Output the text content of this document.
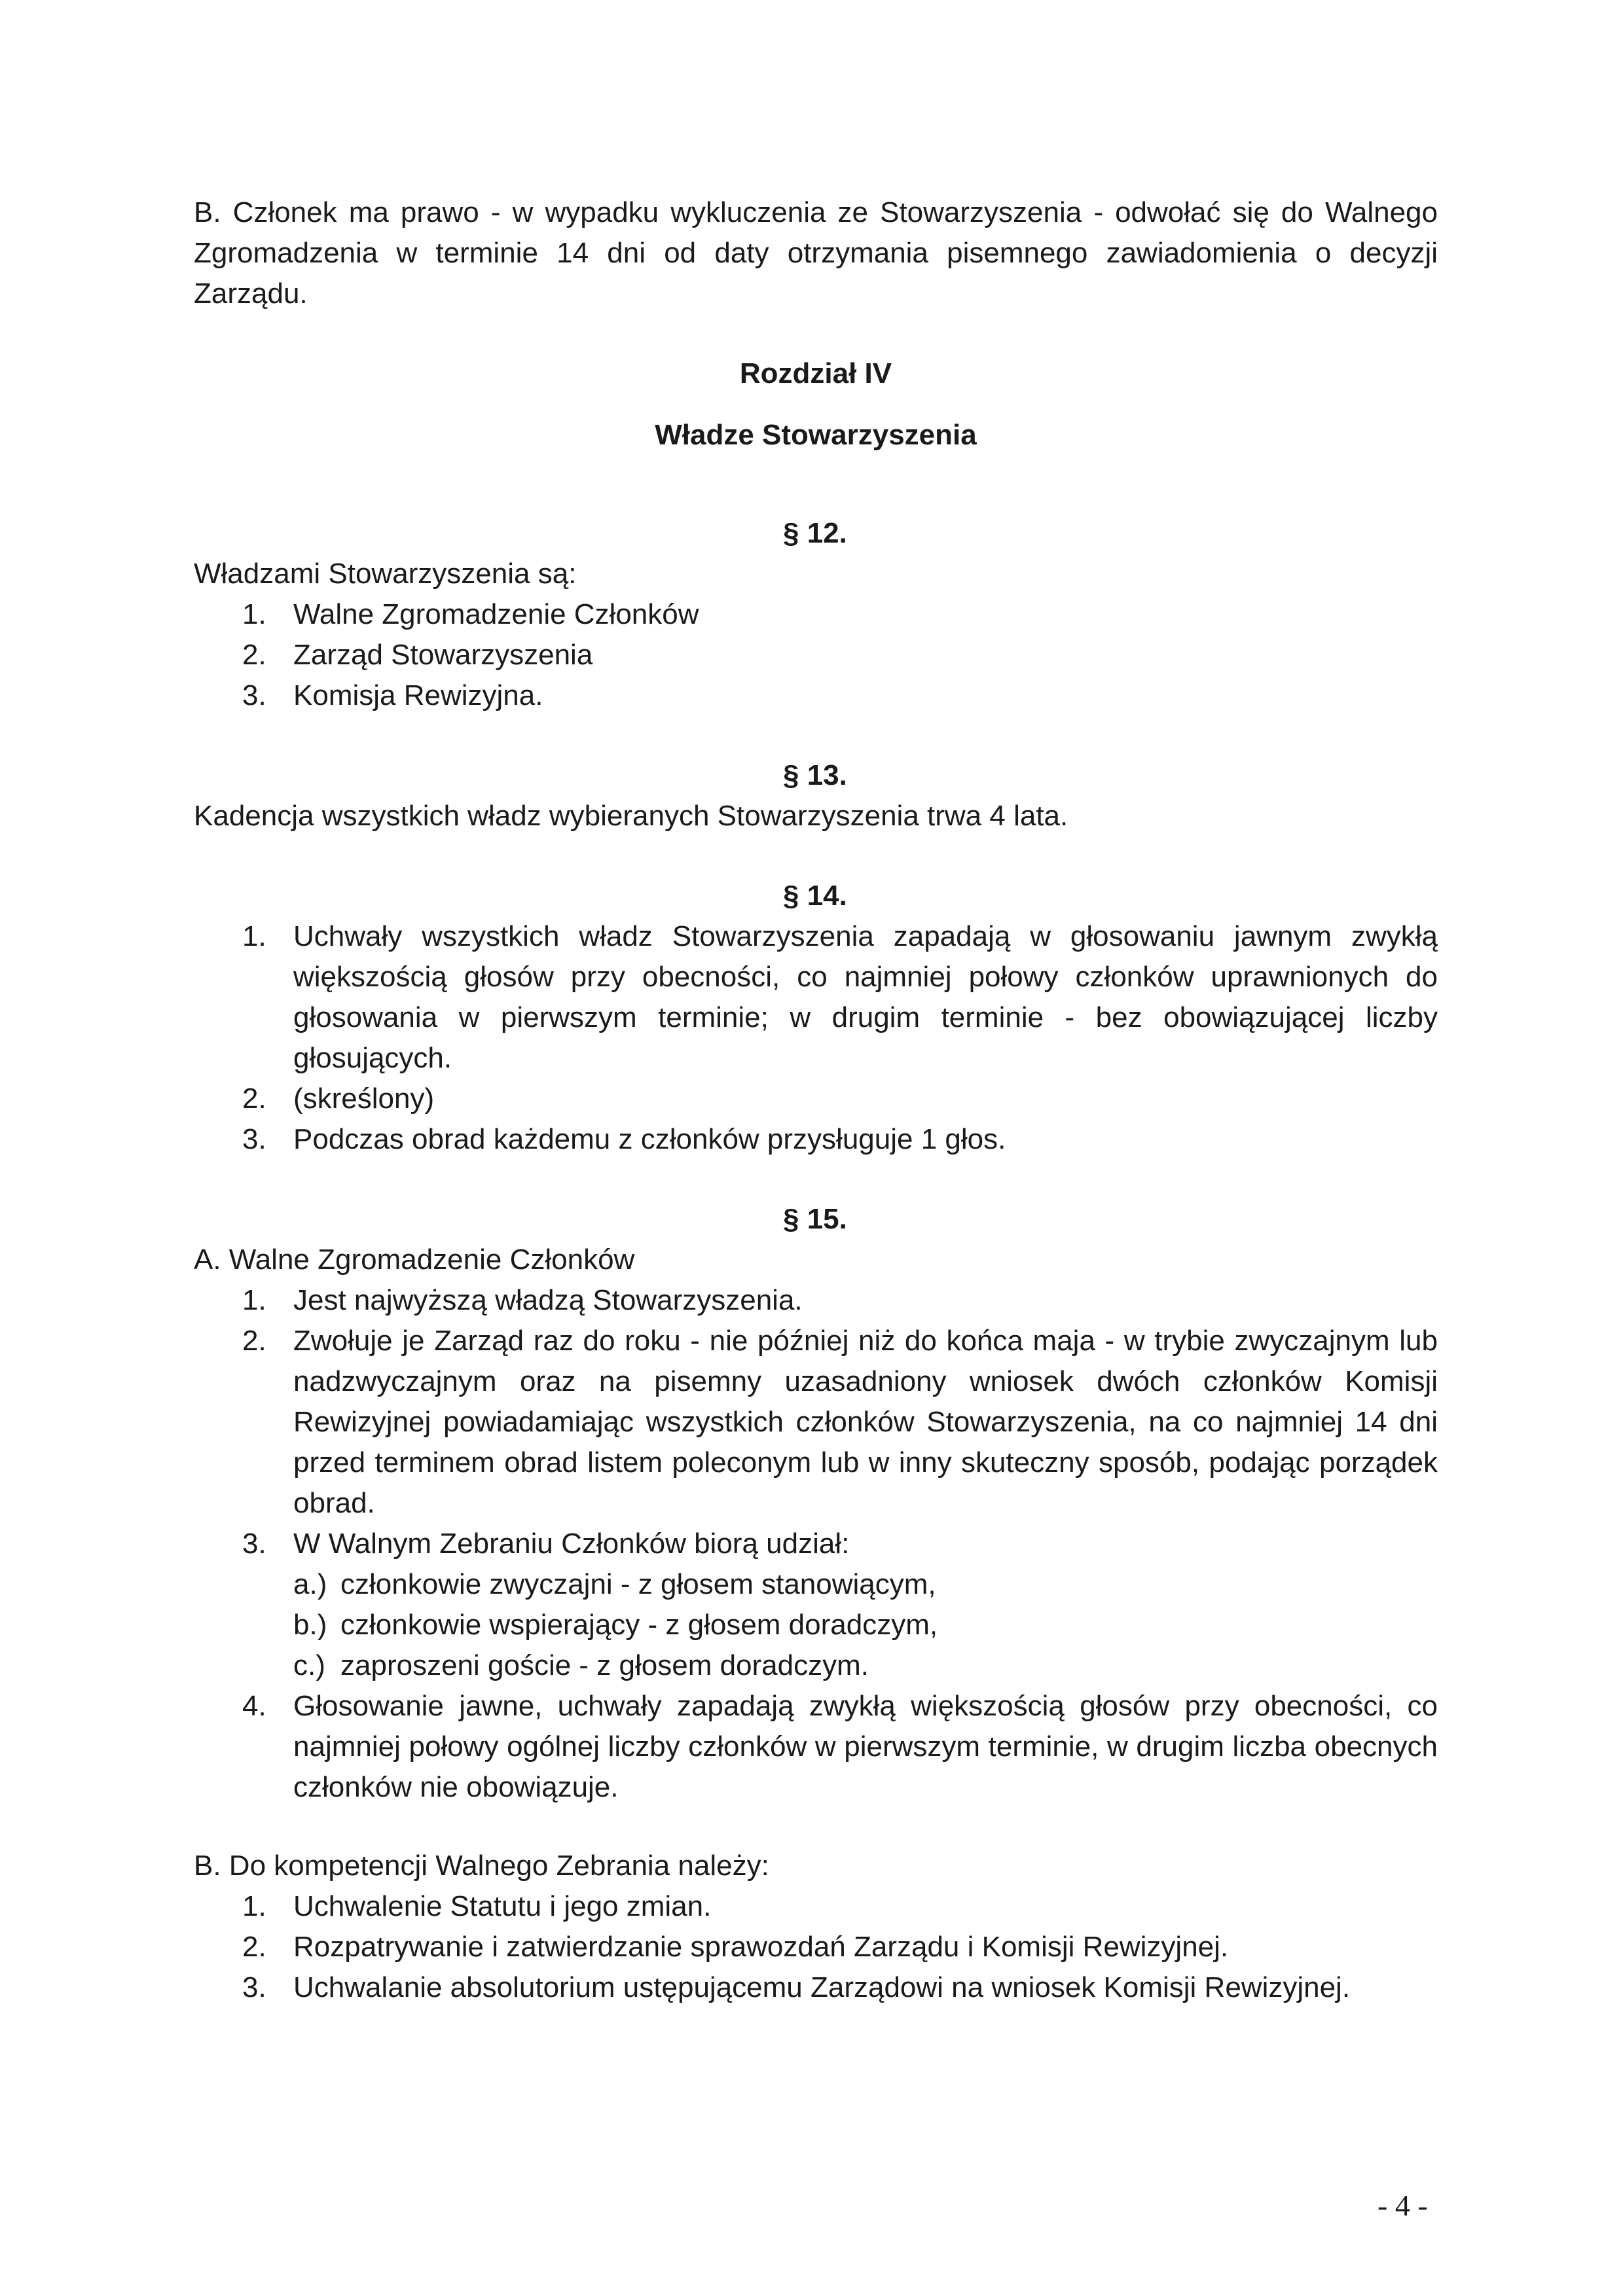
B. Członek ma prawo - w wypadku wykluczenia ze Stowarzyszenia - odwołać się do Walnego Zgromadzenia w terminie 14 dni od daty otrzymania pisemnego zawiadomienia o decyzji Zarządu.
Rozdział IV
Władze Stowarzyszenia
§ 12.
Władzami Stowarzyszenia są:
1. Walne Zgromadzenie Członków
2. Zarząd Stowarzyszenia
3. Komisja Rewizyjna.
§ 13.
Kadencja wszystkich władz wybieranych Stowarzyszenia trwa 4 lata.
§ 14.
1. Uchwały wszystkich władz Stowarzyszenia zapadają w głosowaniu jawnym zwykłą większością głosów przy obecności, co najmniej połowy członków uprawnionych do głosowania w pierwszym terminie; w drugim terminie - bez obowiązującej liczby głosujących.
2. (skreślony)
3. Podczas obrad każdemu z członków przysługuje 1 głos.
§ 15.
A. Walne Zgromadzenie Członków
1. Jest najwyższą władzą Stowarzyszenia.
2. Zwołuje je Zarząd raz do roku - nie później niż do końca maja - w trybie zwyczajnym lub nadzwyczajnym oraz na pisemny uzasadniony wniosek dwóch członków Komisji Rewizyjnej powiadamiając wszystkich członków Stowarzyszenia, na co najmniej 14 dni przed terminem obrad listem poleconym lub w inny skuteczny sposób, podając porządek obrad.
3. W Walnym Zebraniu Członków biorą udział:
a.) członkowie zwyczajni - z głosem stanowiącym,
b.) członkowie wspierający - z głosem doradczym,
c.) zaproszeni goście - z głosem doradczym.
4. Głosowanie jawne, uchwały zapadają zwykłą większością głosów przy obecności, co najmniej połowy ogólnej liczby członków w pierwszym terminie, w drugim liczba obecnych członków nie obowiązuje.
B. Do kompetencji Walnego Zebrania należy:
1. Uchwalenie Statutu i jego zmian.
2. Rozpatrywanie i zatwierdzanie sprawozdań Zarządu i Komisji Rewizyjnej.
3. Uchwalanie absolutorium ustępującemu Zarządowi na wniosek Komisji Rewizyjnej.
- 4 -
